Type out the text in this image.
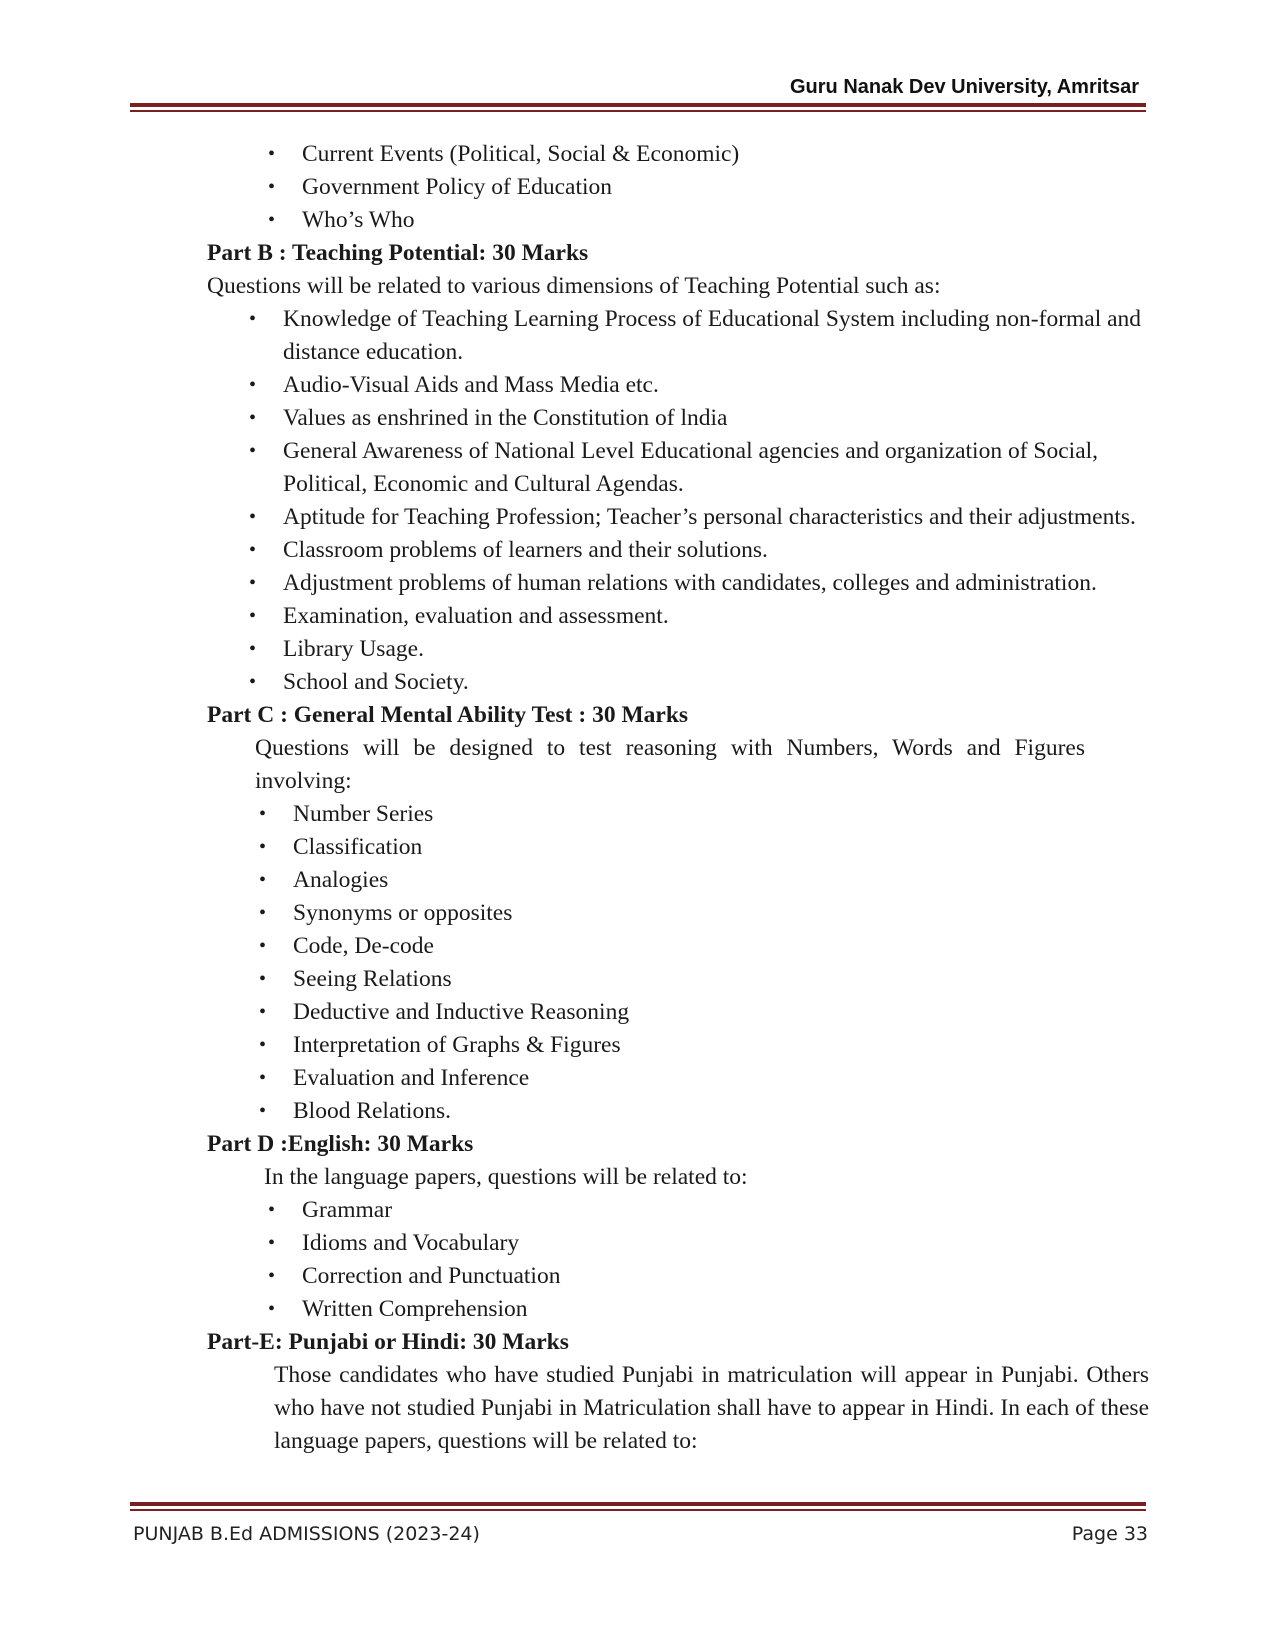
Guru Nanak Dev University, Amritsar
• Current Events (Political, Social & Economic)
• Government Policy of Education
• Who’s Who
Part B : Teaching Potential: 30 Marks
Questions will be related to various dimensions of Teaching Potential such as:
• Knowledge of Teaching Learning Process of Educational System including non-formal and distance education.
• Audio-Visual Aids and Mass Media etc.
• Values as enshrined in the Constitution of lndia
• General Awareness of National Level Educational agencies and organization of Social, Political, Economic and Cultural Agendas.
• Aptitude for Teaching Profession; Teacher’s personal characteristics and their adjustments.
• Classroom problems of learners and their solutions.
• Adjustment problems of human relations with candidates, colleges and administration.
• Examination, evaluation and assessment.
• Library Usage.
• School and Society.
Part C : General Mental Ability Test : 30 Marks
Questions will be designed to test reasoning with Numbers, Words and Figures involving:
• Number Series
• Classification
• Analogies
• Synonyms or opposites
• Code, De-code
• Seeing Relations
• Deductive and Inductive Reasoning
• Interpretation of Graphs & Figures
• Evaluation and Inference
• Blood Relations.
Part D :English: 30 Marks
In the language papers, questions will be related to:
• Grammar
• Idioms and Vocabulary
• Correction and Punctuation
• Written Comprehension
Part-E: Punjabi or Hindi: 30 Marks
Those candidates who have studied Punjabi in matriculation will appear in Punjabi. Others who have not studied Punjabi in Matriculation shall have to appear in Hindi. In each of these language papers, questions will be related to:
PUNJAB B.Ed ADMISSIONS (2023-24)	Page 33
